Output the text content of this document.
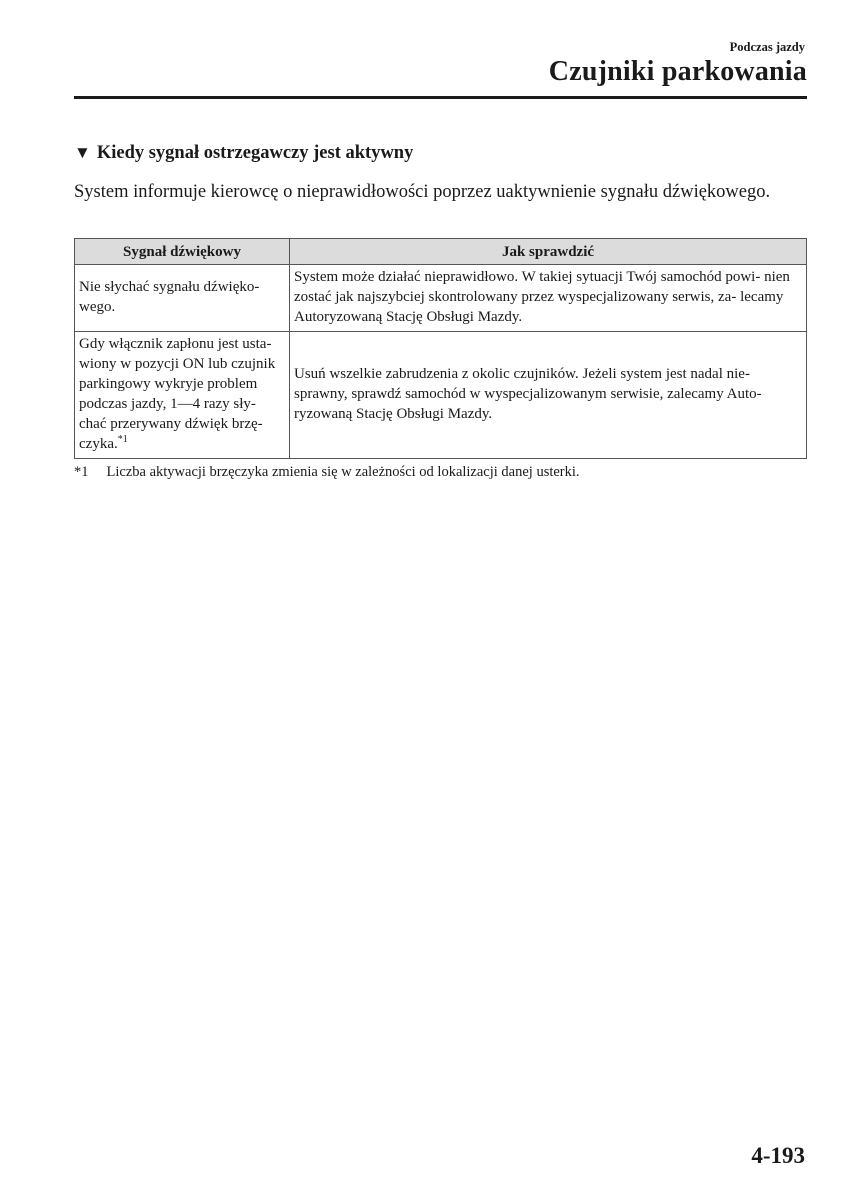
Podczas jazdy
Czujniki parkowania
▼ Kiedy sygnał ostrzegawczy jest aktywny
System informuje kierowcę o nieprawidłowości poprzez uaktywnienie sygnału dźwiękowego.
Sygnał dźwiękowy	Jak sprawdzić
Nie słychać sygnału dźwięko- wego.	System może działać nieprawidłowo. W takiej sytuacji Twój samochód powi- nien zostać jak najszybciej skontrolowany przez wyspecjalizowany serwis, za- lecamy Autoryzowaną Stację Obsługi Mazdy.
Gdy włącznik zapłonu jest usta- wiony w pozycji ON lub czujnik parkingowy wykryje problem podczas jazdy, 1—4 razy sły- chać przerywany dźwięk brzę- czyka.$^{*1}$	Usuń wszelkie zabrudzenia z okolic czujników. Jeżeli system jest nadal nie- sprawny, sprawdź samochód w wyspecjalizowanym serwisie, zalecamy Auto- ryzowaną Stację Obsługi Mazdy.
*1 Liczba aktywacji brzęczyka zmienia się w zależności od lokalizacji danej usterki.
4-193
